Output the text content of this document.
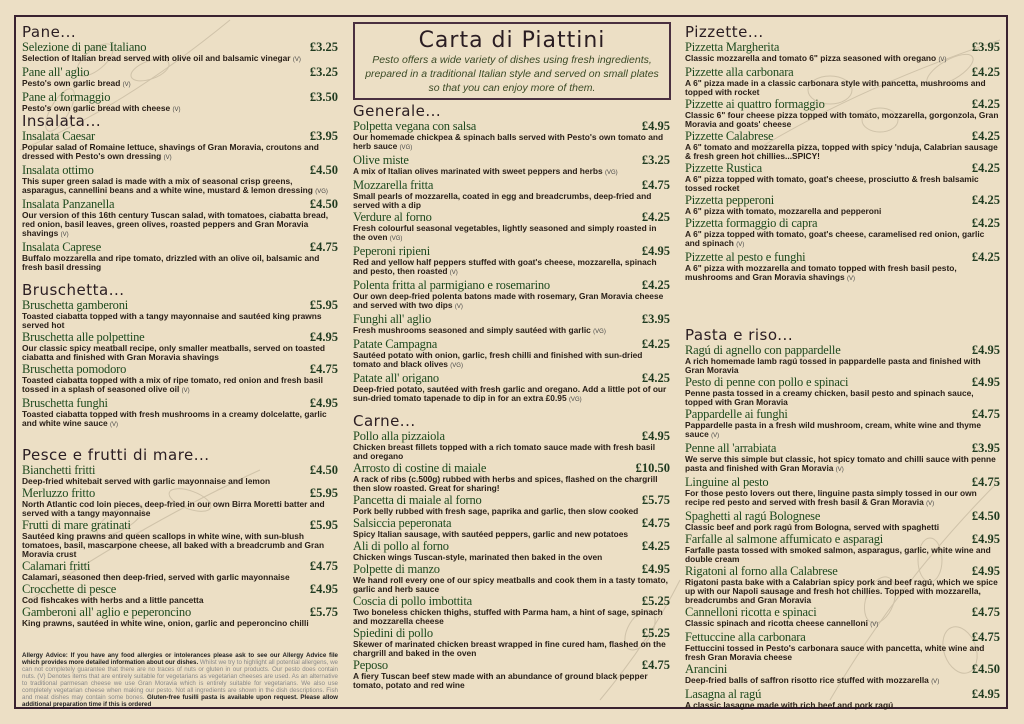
Carta di Piattini
Pesto offers a wide variety of dishes using fresh ingredients, prepared in a traditional Italian style and served on small plates so that you can enjoy more of them.
Pane...
Selezione di pane Italiano	£3.25
Selection of Italian bread served with olive oil and balsamic vinegar (V)
Pane all' aglio	£3.25
Pesto's own garlic bread (V)
Pane al formaggio	£3.50
Pesto's own garlic bread with cheese (V)
Insalata...
Insalata Caesar	£3.95
Popular salad of Romaine lettuce, shavings of Gran Moravia, croutons and dressed with Pesto's own dressing (V)
Insalata ottimo	£4.50
This super green salad is made with a mix of seasonal crisp greens, asparagus, cannellini beans and a white wine, mustard & lemon dressing (VG)
Insalata Panzanella	£4.50
Our version of this 16th century Tuscan salad, with tomatoes, ciabatta bread, red onion, basil leaves, green olives, roasted peppers and Gran Moravia shavings (V)
Insalata Caprese	£4.75
Buffalo mozzarella and ripe tomato, drizzled with an olive oil, balsamic and fresh basil dressing
Bruschetta...
Bruschetta gamberoni	£5.95
Toasted ciabatta topped with a tangy mayonnaise and sautéed king prawns served hot
Bruschetta alle polpettine	£4.95
Our classic spicy meatball recipe, only smaller meatballs, served on toasted ciabatta and finished with Gran Moravia shavings
Bruschetta pomodoro	£4.75
Toasted ciabatta topped with a mix of ripe tomato, red onion and fresh basil tossed in a splash of seasoned olive oil (V)
Bruschetta funghi	£4.95
Toasted ciabatta topped with fresh mushrooms in a creamy dolcelatte, garlic and white wine sauce (V)
Pesce e frutti di mare...
Bianchetti fritti	£4.50
Deep-fried whitebait served with garlic mayonnaise and lemon
Merluzzo fritto	£5.95
North Atlantic cod loin pieces, deep-fried in our own Birra Moretti batter and served with a tangy mayonnaise
Frutti di mare gratinati	£5.95
Sautéed king prawns and queen scallops in white wine, with sun-blush tomatoes, basil, mascarpone cheese, all baked with a breadcrumb and Gran Moravia crust
Calamari fritti	£4.75
Calamari, seasoned then deep-fried, served with garlic mayonnaise
Crocchette di pesce	£4.95
Cod fishcakes with herbs and a little pancetta
Gamberoni all' aglio e peperoncino	£5.75
King prawns, sautéed in white wine, onion, garlic and peperoncino chilli
Generale...
Polpetta vegana con salsa	£4.95
Our homemade chickpea & spinach balls served with Pesto's own tomato and herb sauce (VG)
Olive miste	£3.25
A mix of Italian olives marinated with sweet peppers and herbs (VG)
Mozzarella fritta	£4.75
Small pearls of mozzarella, coated in egg and breadcrumbs, deep-fried and served with a dip
Verdure al forno	£4.25
Fresh colourful seasonal vegetables, lightly seasoned and simply roasted in the oven (VG)
Peperoni ripieni	£4.95
Red and yellow half peppers stuffed with goat's cheese, mozzarella, spinach and pesto, then roasted (V)
Polenta fritta al parmigiano e rosemarino	£4.25
Our own deep-fried polenta batons made with rosemary, Gran Moravia cheese and served with two dips (V)
Funghi all' aglio	£3.95
Fresh mushrooms seasoned and simply sautéed with garlic (VG)
Patate Campagna	£4.25
Sautéed potato with onion, garlic, fresh chilli and finished with sun-dried tomato and black olives (VG)
Patate all' origano	£4.25
Deep-fried potato, sautéed with fresh garlic and oregano. Add a little pot of our sun-dried tomato tapenade to dip in for an extra £0.95 (VG)
Carne...
Pollo alla pizzaiola	£4.95
Chicken breast fillets topped with a rich tomato sauce made with fresh basil and oregano
Arrosto di costine di maiale	£10.50
A rack of ribs (c.500g) rubbed with herbs and spices, flashed on the chargrill then slow roasted. Great for sharing!
Pancetta di maiale al forno	£5.75
Pork belly rubbed with fresh sage, paprika and garlic, then slow cooked
Salsiccia peperonata	£4.75
Spicy Italian sausage, with sautéed peppers, garlic and new potatoes
Ali di pollo al forno	£4.25
Chicken wings Tuscan-style, marinated then baked in the oven
Polpette di manzo	£4.95
We hand roll every one of our spicy meatballs and cook them in a tasty tomato, garlic and herb sauce
Coscia di pollo imbottita	£5.25
Two boneless chicken thighs, stuffed with Parma ham, a hint of sage, spinach and mozzarella cheese
Spiedini di pollo	£5.25
Skewer of marinated chicken breast wrapped in fine cured ham, flashed on the chargrill and baked in the oven
Peposo	£4.75
A fiery Tuscan beef stew made with an abundance of ground black pepper tomato, potato and red wine
Pizzette...
Pizzetta Margherita	£3.95
Classic mozzarella and tomato 6" pizza seasoned with oregano (V)
Pizzette alla carbonara	£4.25
A 6" pizza made in a classic carbonara style with pancetta, mushrooms and topped with rocket
Pizzette ai quattro formaggio	£4.25
Classic 6" four cheese pizza topped with tomato, mozzarella, gorgonzola, Gran Moravia and goats' cheese
Pizzette Calabrese	£4.25
A 6" tomato and mozzarella pizza, topped with spicy 'nduja, Calabrian sausage & fresh green hot chillies...SPICY!
Pizzette Rustica	£4.25
A 6" pizza topped with tomato, goat's cheese, prosciutto & fresh balsamic tossed rocket
Pizzetta pepperoni	£4.25
A 6" pizza with tomato, mozzarella and pepperoni
Pizzetta formaggio di capra	£4.25
A 6" pizza topped with tomato, goat's cheese, caramelised red onion, garlic and spinach (V)
Pizzette al pesto e funghi	£4.25
A 6" pizza with mozzarella and tomato topped with fresh basil pesto, mushrooms and Gran Moravia shavings (V)
Pasta e riso...
Ragú di agnello con pappardelle	£4.95
A rich homemade lamb ragú tossed in pappardelle pasta and finished with Gran Moravia
Pesto di penne con pollo e spinaci	£4.95
Penne pasta tossed in a creamy chicken, basil pesto and spinach sauce, topped with Gran Moravia
Pappardelle ai funghi	£4.75
Pappardelle pasta in a fresh wild mushroom, cream, white wine and thyme sauce (V)
Penne all 'arrabiata	£3.95
We serve this simple but classic, hot spicy tomato and chilli sauce with penne pasta and finished with Gran Moravia (V)
Linguine al pesto	£4.75
For those pesto lovers out there, linguine pasta simply tossed in our own recipe red pesto and served with fresh basil & Gran Moravia (V)
Spaghetti al ragú Bolognese	£4.50
Classic beef and pork ragú from Bologna, served with spaghetti
Farfalle al salmone affumicato e asparagi	£4.95
Farfalle pasta tossed with smoked salmon, asparagus, garlic, white wine and double cream
Rigatoni al forno alla Calabrese	£4.95
Rigatoni pasta bake with a Calabrian spicy pork and beef ragú, which we spice up with our Napoli sausage and fresh hot chillies. Topped with mozzarella, breadcrumbs and Gran Moravia
Cannelloni ricotta e spinaci	£4.75
Classic spinach and ricotta cheese cannelloni (V)
Fettuccine alla carbonara	£4.75
Fettuccini tossed in Pesto's carbonara sauce with pancetta, white wine and fresh Gran Moravia cheese
Arancini	£4.50
Deep-fried balls of saffron risotto rice stuffed with mozzarella (V)
Lasagna al ragú	£4.95
A classic lasagne made with rich beef and pork ragú
Allergy Advice: If you have any food allergies or intolerances please ask to see our Allergy Advice file which provides more detailed information about our dishes. Whilst we try to highlight all potential allergens, we can not completely guarantee that there are no traces of nuts or gluten in our products. Our pesto does contain nuts. (V) Denotes items that are entirely suitable for vegetarians as vegetarian cheeses are used. As an alternative to traditional parmesan cheese we use Gran Moravia which is entirely suitable for vegetarians. We also use completely vegetarian cheese when making our pesto. Not all ingredients are shown in the dish descriptions. Fish and meat dishes may contain some bones. Gluten-free fusilli pasta is available upon request. Please allow additional preparation time if this is ordered
